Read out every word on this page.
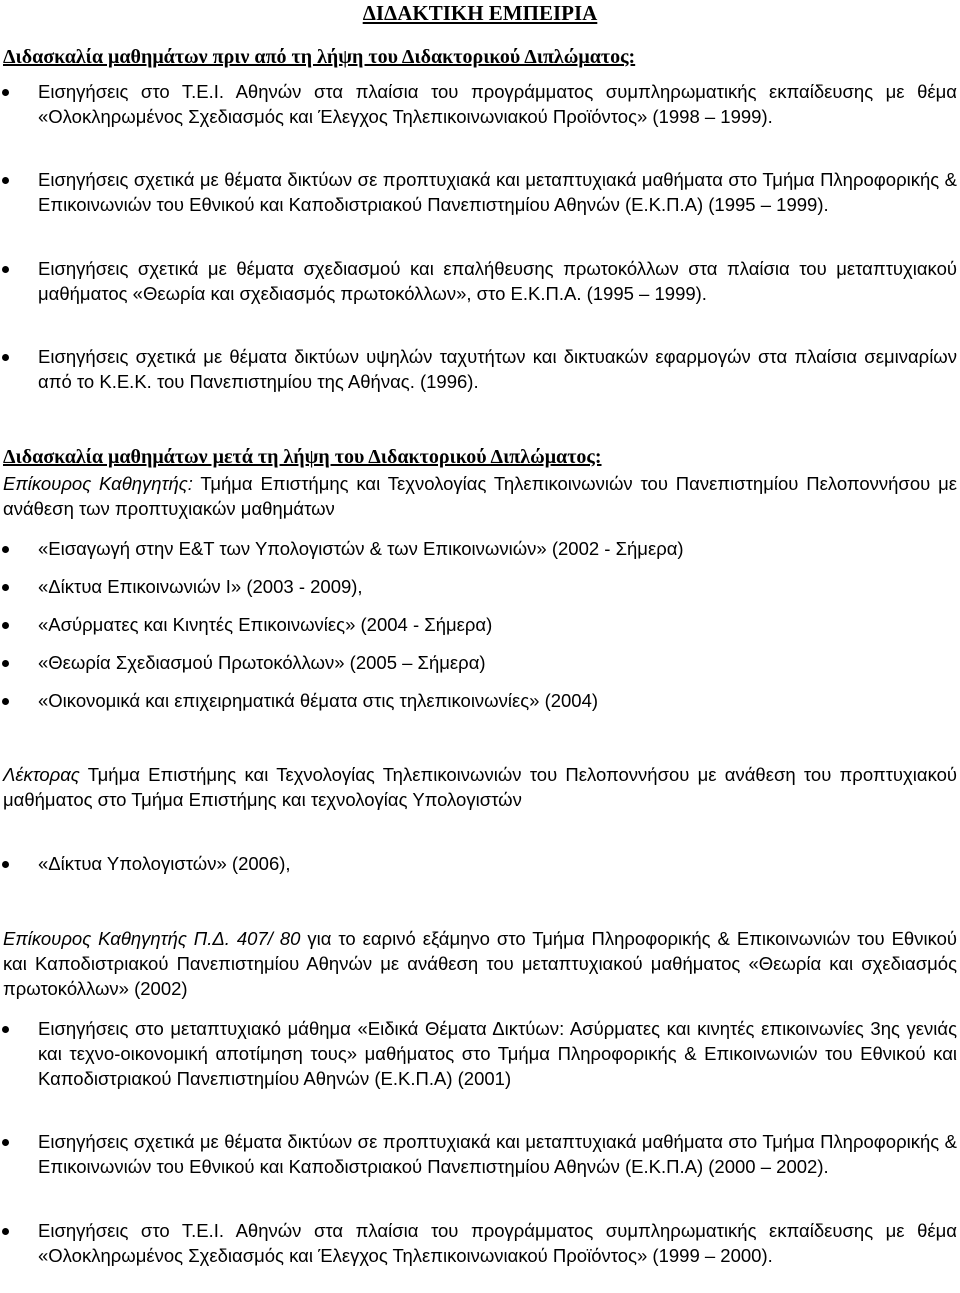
ΔΙΔΑΚΤΙΚΗ ΕΜΠΕΙΡΙΑ
Διδασκαλία μαθημάτων πριν από τη λήψη του Διδακτορικού Διπλώματος:
Εισηγήσεις στο Τ.Ε.Ι. Αθηνών στα πλαίσια του προγράμματος συμπληρωματικής εκπαίδευσης με θέμα «Ολοκληρωμένος Σχεδιασμός και Έλεγχος Τηλεπικοινωνιακού Προϊόντος» (1998 – 1999).
Εισηγήσεις σχετικά με θέματα δικτύων σε προπτυχιακά και μεταπτυχιακά μαθήματα στο Τμήμα Πληροφορικής & Επικοινωνιών του Εθνικού και Καποδιστριακού Πανεπιστημίου Αθηνών (Ε.Κ.Π.Α) (1995 – 1999).
Εισηγήσεις σχετικά με θέματα σχεδιασμού και επαλήθευσης πρωτοκόλλων στα πλαίσια του μεταπτυχιακού μαθήματος «Θεωρία και σχεδιασμός πρωτοκόλλων», στο Ε.Κ.Π.Α. (1995 – 1999).
Εισηγήσεις σχετικά με θέματα δικτύων υψηλών ταχυτήτων και δικτυακών εφαρμογών στα πλαίσια σεμιναρίων από το Κ.Ε.Κ. του Πανεπιστημίου της Αθήνας. (1996).
Διδασκαλία μαθημάτων μετά τη λήψη του Διδακτορικού Διπλώματος:
Επίκουρος Καθηγητής: Τμήμα Επιστήμης και Τεχνολογίας Τηλεπικοινωνιών του Πανεπιστημίου Πελοποννήσου με ανάθεση των προπτυχιακών μαθημάτων
«Εισαγωγή στην Ε&Τ των Υπολογιστών & των Επικοινωνιών» (2002 - Σήμερα)
«Δίκτυα Επικοινωνιών Ι» (2003 - 2009),
«Ασύρματες και Κινητές Επικοινωνίες» (2004 - Σήμερα)
«Θεωρία Σχεδιασμού Πρωτοκόλλων» (2005 – Σήμερα)
«Οικονομικά και επιχειρηματικά θέματα στις τηλεπικοινωνίες» (2004)
Λέκτορας Τμήμα Επιστήμης και Τεχνολογίας Τηλεπικοινωνιών του Πελοποννήσου με ανάθεση του προπτυχιακού μαθήματος στο Τμήμα Επιστήμης και τεχνολογίας Υπολογιστών
«Δίκτυα Υπολογιστών» (2006),
Επίκουρος Καθηγητής Π.Δ. 407/ 80 για το εαρινό εξάμηνο στο Τμήμα Πληροφορικής & Επικοινωνιών του Εθνικού και Καποδιστριακού Πανεπιστημίου Αθηνών με ανάθεση του μεταπτυχιακού μαθήματος «Θεωρία και σχεδιασμός πρωτοκόλλων» (2002)
Εισηγήσεις στο μεταπτυχιακό μάθημα «Ειδικά Θέματα Δικτύων: Ασύρματες και κινητές επικοινωνίες 3ης γενιάς και τεχνο-οικονομική αποτίμηση τους» μαθήματος στο Τμήμα Πληροφορικής & Επικοινωνιών του Εθνικού και Καποδιστριακού Πανεπιστημίου Αθηνών (Ε.Κ.Π.Α) (2001)
Εισηγήσεις σχετικά με θέματα δικτύων σε προπτυχιακά και μεταπτυχιακά μαθήματα στο Τμήμα Πληροφορικής & Επικοινωνιών του Εθνικού και Καποδιστριακού Πανεπιστημίου Αθηνών (Ε.Κ.Π.Α) (2000 – 2002).
Εισηγήσεις στο Τ.Ε.Ι. Αθηνών στα πλαίσια του προγράμματος συμπληρωματικής εκπαίδευσης με θέμα «Ολοκληρωμένος Σχεδιασμός και Έλεγχος Τηλεπικοινωνιακού Προϊόντος» (1999 – 2000).
